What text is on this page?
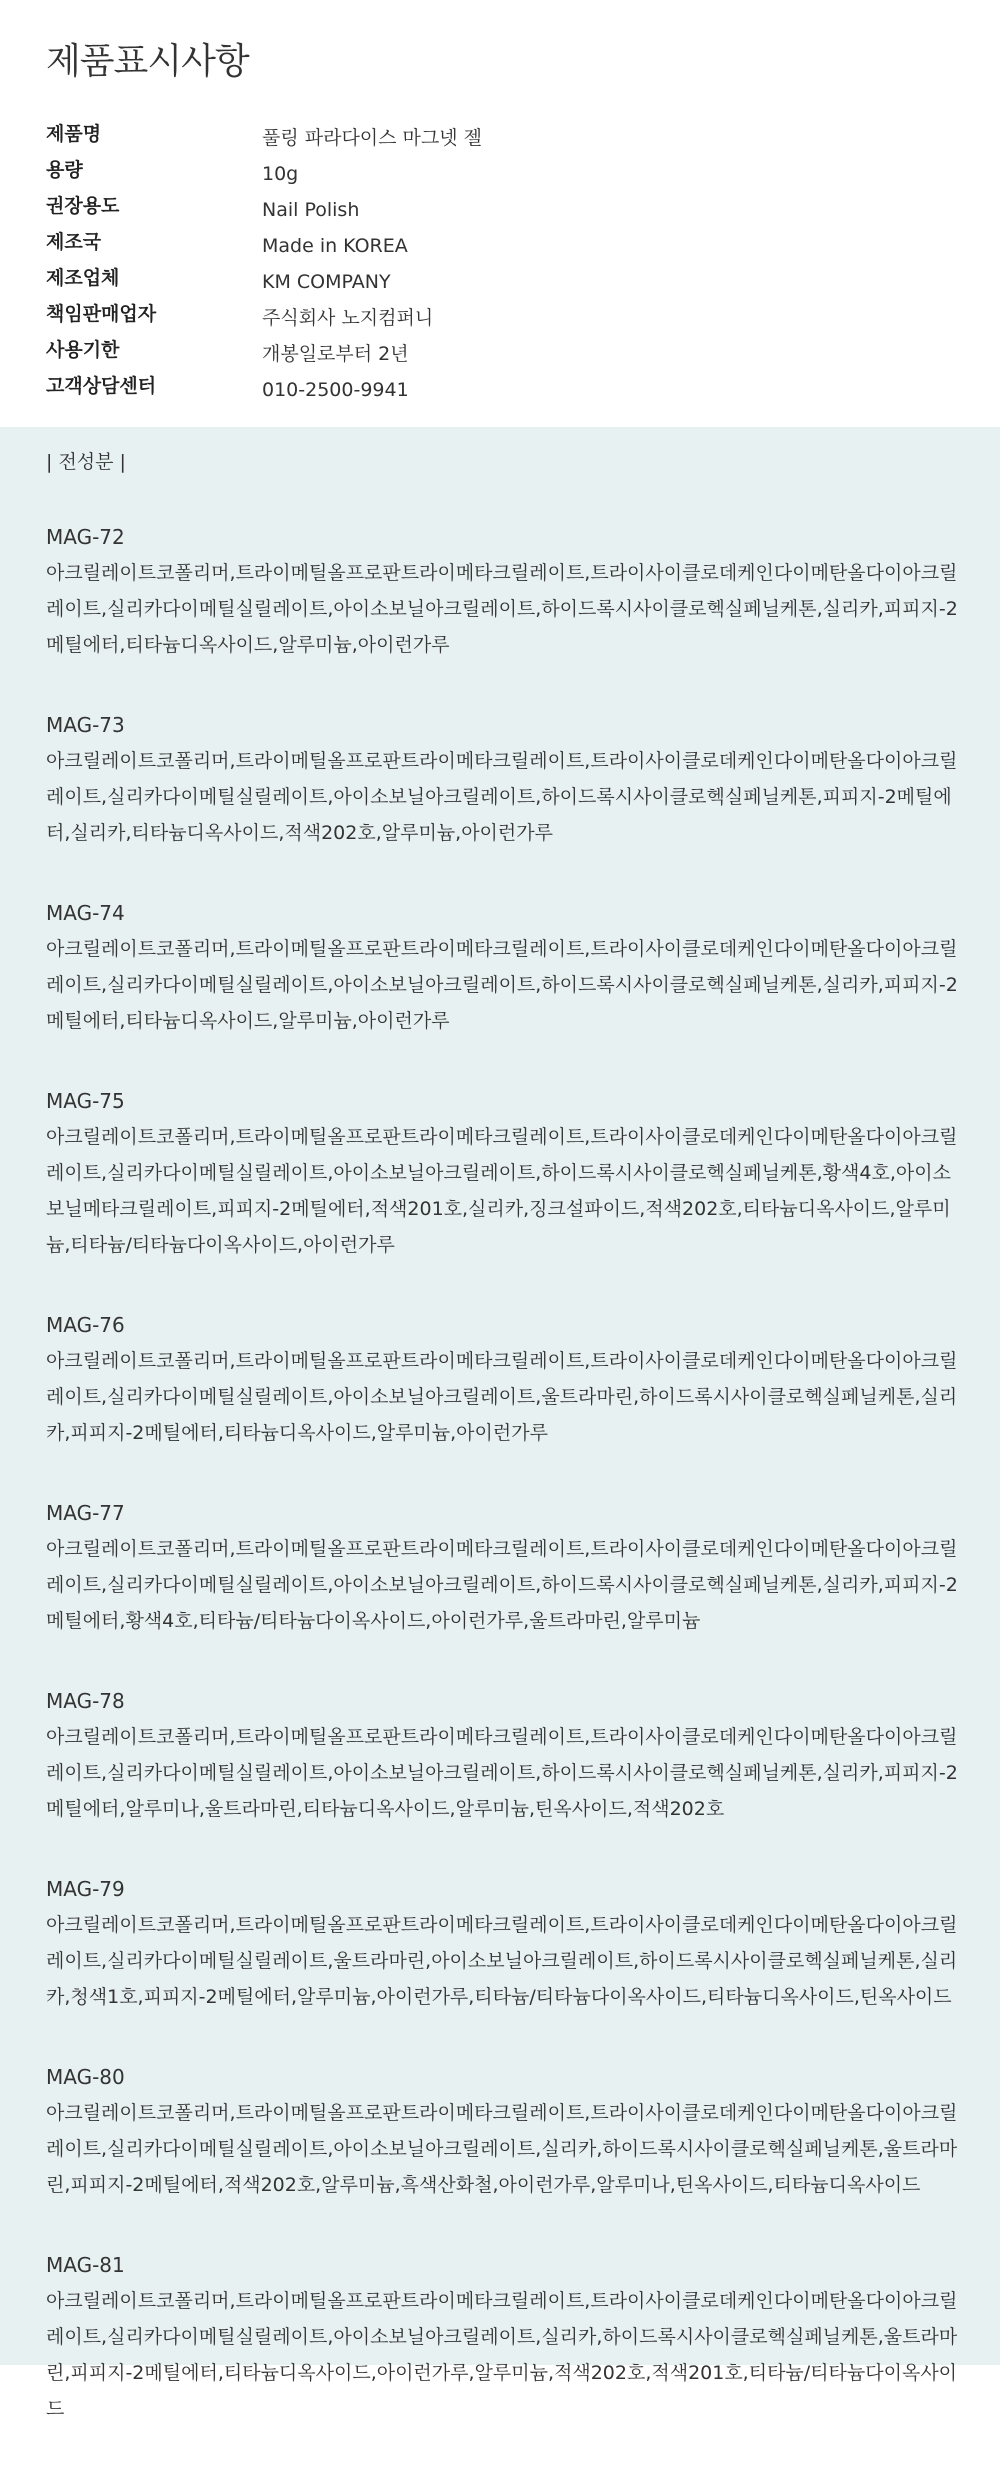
제품표시사항
제품명	풀링 파라다이스 마그넷 젤
용량	10g
권장용도	Nail Polish
제조국	Made in KOREA
제조업체	KM COMPANY
책임판매업자	주식회사 노지컴퍼니
사용기한	개봉일로부터 2년
고객상담센터	010-2500-9941
| 전성분 |

MAG-72

아크릴레이트코폴리머,트라이메틸올프로판트라이메타크릴레이트,트라이사이클로데케인다이메탄올다이아크릴레이트,실리카다이메틸실릴레이트,아이소보닐아크릴레이트,하이드록시사이클로헥실페닐케톤,실리카,피피지-2메틸에터,티타늄디옥사이드,알루미늄,아이런가루

MAG-73

아크릴레이트코폴리머,트라이메틸올프로판트라이메타크릴레이트,트라이사이클로데케인다이메탄올다이아크릴레이트,실리카다이메틸실릴레이트,아이소보닐아크릴레이트,하이드록시사이클로헥실페닐케톤,피피지-2메틸에터,실리카,티타늄디옥사이드,적색202호,알루미늄,아이런가루

MAG-74

아크릴레이트코폴리머,트라이메틸올프로판트라이메타크릴레이트,트라이사이클로데케인다이메탄올다이아크릴레이트,실리카다이메틸실릴레이트,아이소보닐아크릴레이트,하이드록시사이클로헥실페닐케톤,실리카,피피지-2메틸에터,티타늄디옥사이드,알루미늄,아이런가루

MAG-75

아크릴레이트코폴리머,트라이메틸올프로판트라이메타크릴레이트,트라이사이클로데케인다이메탄올다이아크릴레이트,실리카다이메틸실릴레이트,아이소보닐아크릴레이트,하이드록시사이클로헥실페닐케톤,황색4호,아이소보닐메타크릴레이트,피피지-2메틸에터,적색201호,실리카,징크설파이드,적색202호,티타늄디옥사이드,알루미늄,티타늄/티타늄다이옥사이드,아이런가루

MAG-76

아크릴레이트코폴리머,트라이메틸올프로판트라이메타크릴레이트,트라이사이클로데케인다이메탄올다이아크릴레이트,실리카다이메틸실릴레이트,아이소보닐아크릴레이트,울트라마린,하이드록시사이클로헥실페닐케톤,실리카,피피지-2메틸에터,티타늄디옥사이드,알루미늄,아이런가루

MAG-77

아크릴레이트코폴리머,트라이메틸올프로판트라이메타크릴레이트,트라이사이클로데케인다이메탄올다이아크릴레이트,실리카다이메틸실릴레이트,아이소보닐아크릴레이트,하이드록시사이클로헥실페닐케톤,실리카,피피지-2메틸에터,황색4호,티타늄/티타늄다이옥사이드,아이런가루,울트라마린,알루미늄

MAG-78

아크릴레이트코폴리머,트라이메틸올프로판트라이메타크릴레이트,트라이사이클로데케인다이메탄올다이아크릴레이트,실리카다이메틸실릴레이트,아이소보닐아크릴레이트,하이드록시사이클로헥실페닐케톤,실리카,피피지-2메틸에터,알루미나,울트라마린,티타늄디옥사이드,알루미늄,틴옥사이드,적색202호

MAG-79

아크릴레이트코폴리머,트라이메틸올프로판트라이메타크릴레이트,트라이사이클로데케인다이메탄올다이아크릴레이트,실리카다이메틸실릴레이트,울트라마린,아이소보닐아크릴레이트,하이드록시사이클로헥실페닐케톤,실리카,청색1호,피피지-2메틸에터,알루미늄,아이런가루,티타늄/티타늄다이옥사이드,티타늄디옥사이드,틴옥사이드

MAG-80

아크릴레이트코폴리머,트라이메틸올프로판트라이메타크릴레이트,트라이사이클로데케인다이메탄올다이아크릴레이트,실리카다이메틸실릴레이트,아이소보닐아크릴레이트,실리카,하이드록시사이클로헥실페닐케톤,울트라마린,피피지-2메틸에터,적색202호,알루미늄,흑색산화철,아이런가루,알루미나,틴옥사이드,티타늄디옥사이드

MAG-81

아크릴레이트코폴리머,트라이메틸올프로판트라이메타크릴레이트,트라이사이클로데케인다이메탄올다이아크릴레이트,실리카다이메틸실릴레이트,아이소보닐아크릴레이트,실리카,하이드록시사이클로헥실페닐케톤,울트라마린,피피지-2메틸에터,티타늄디옥사이드,아이런가루,알루미늄,적색202호,적색201호,티타늄/티타늄다이옥사이드
